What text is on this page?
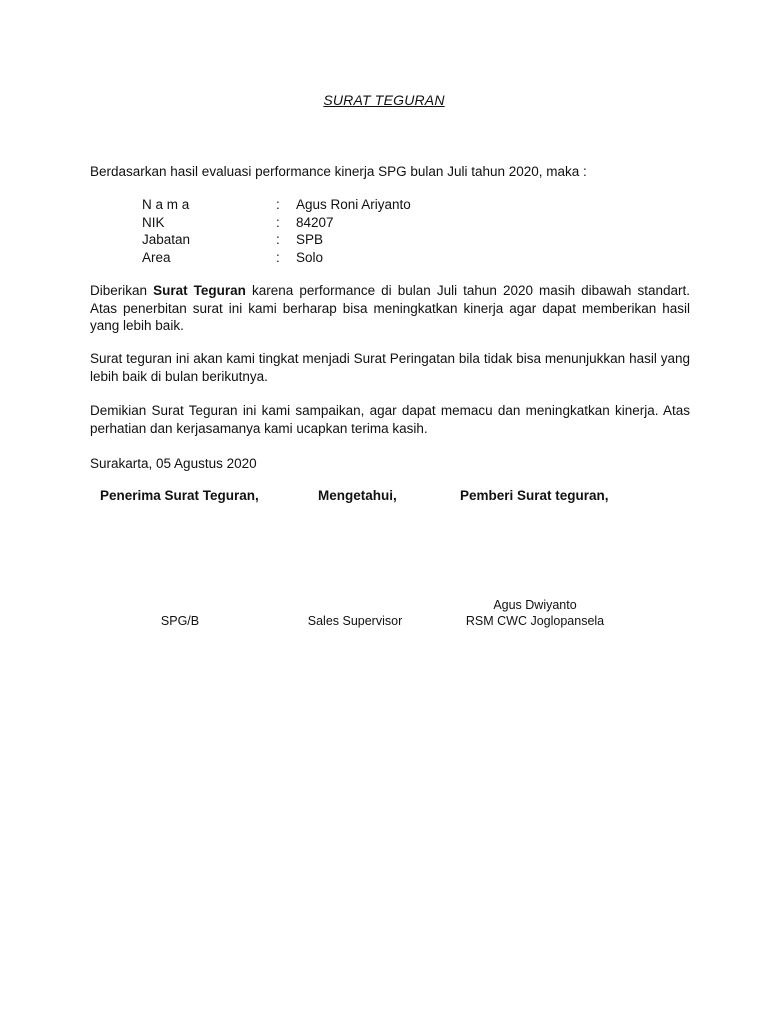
SURAT TEGURAN
Berdasarkan hasil evaluasi performance kinerja SPG bulan Juli tahun 2020, maka :
N a m a	:	Agus Roni Ariyanto
NIK	:	84207
Jabatan	:	SPB
Area	:	Solo
Diberikan Surat Teguran karena performance di bulan Juli tahun 2020 masih dibawah standart. Atas penerbitan surat ini kami berharap bisa meningkatkan kinerja agar dapat memberikan hasil yang lebih baik.
Surat teguran ini akan kami tingkat menjadi Surat Peringatan bila tidak bisa menunjukkan hasil yang lebih baik di bulan berikutnya.
Demikian Surat Teguran ini kami sampaikan, agar dapat memacu dan meningkatkan kinerja. Atas perhatian dan kerjasamanya kami ucapkan terima kasih.
Surakarta, 05 Agustus 2020
Penerima Surat Teguran,	Mengetahui,	Pemberi Surat teguran,
Agus Dwiyanto
SPG/B	Sales Supervisor	RSM CWC Joglopansela
